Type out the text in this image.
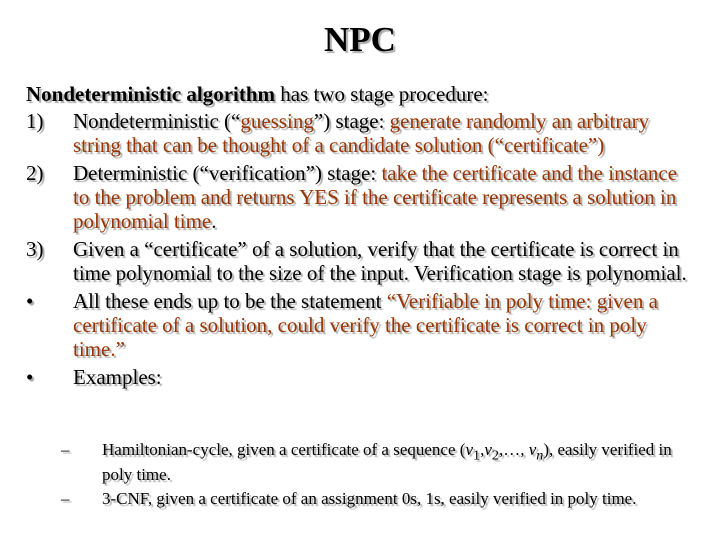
NPC
Nondeterministic algorithm has two stage procedure:
1) Nondeterministic (“guessing”) stage: generate randomly an arbitrary string that can be thought of a candidate solution (“certificate”)
2) Deterministic (“verification”) stage: take the certificate and the instance to the problem and returns YES if the certificate represents a solution in polynomial time.
3) Given a “certificate” of a solution, verify that the certificate is correct in time polynomial to the size of the input. Verification stage is polynomial.
• All these ends up to be the statement “Verifiable in poly time: given a certificate of a solution, could verify the certificate is correct in poly time.”
• Examples:
– Hamiltonian-cycle, given a certificate of a sequence ($v_1,v_2,\dots$, $v_n$), easily verified in poly time.
– 3-CNF, given a certificate of an assignment 0s, 1s, easily verified in poly time.
